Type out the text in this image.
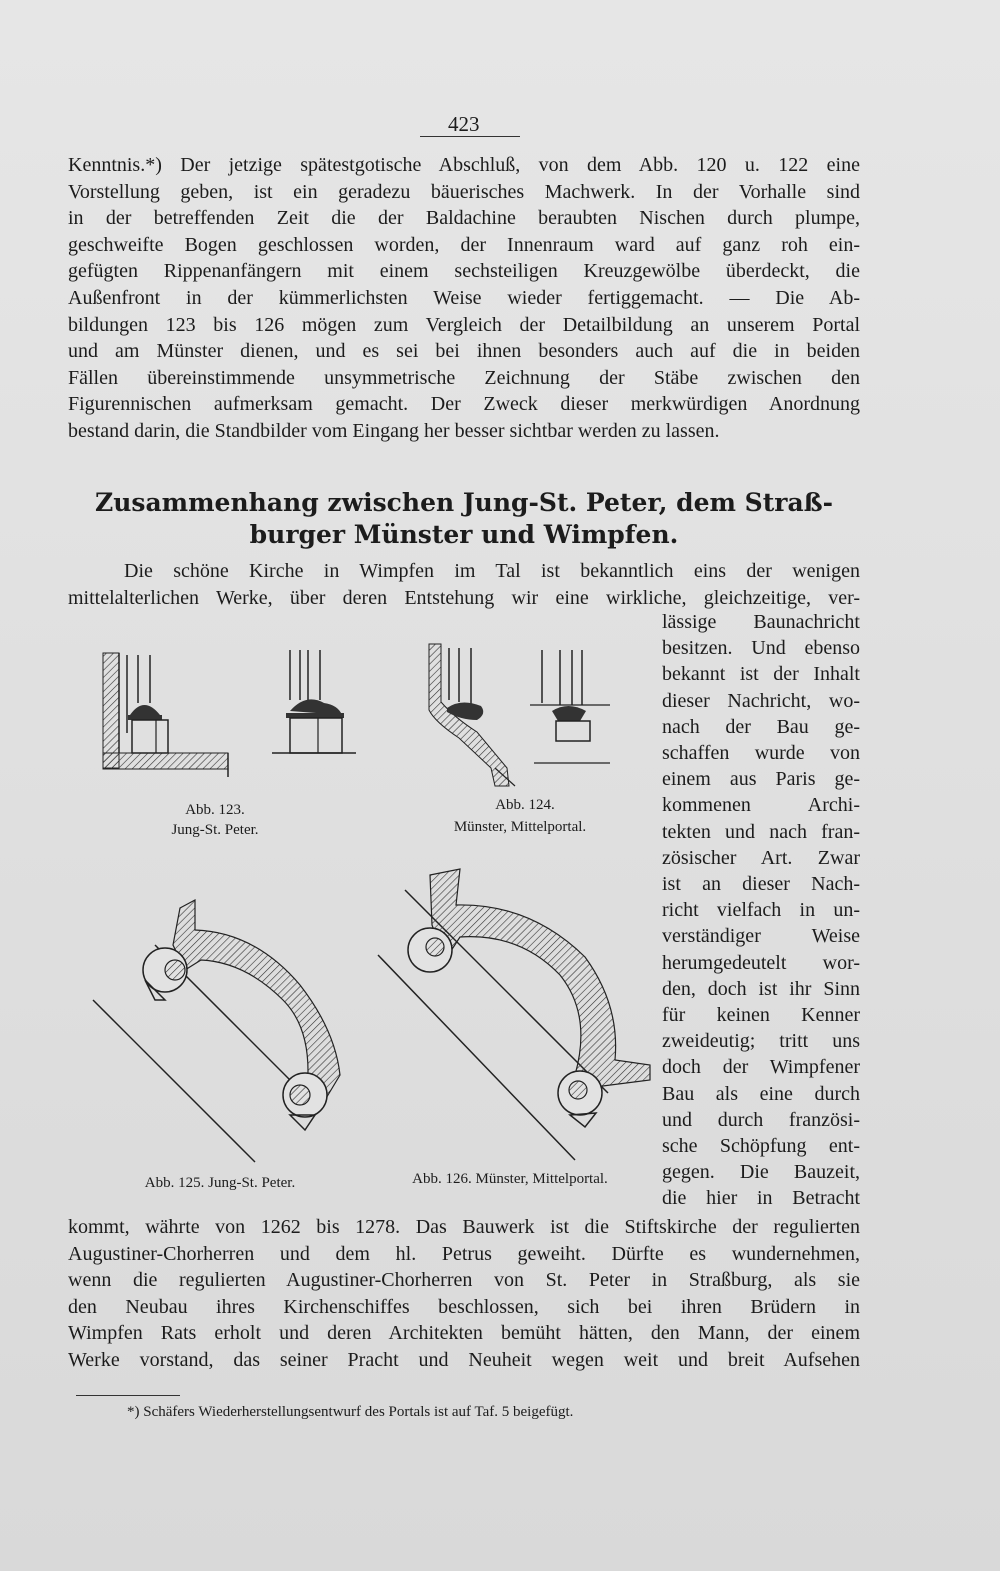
423
Kenntnis.*) Der jetzige spätestgotische Abschluß, von dem Abb. 120 u. 122 eine
Vorstellung geben, ist ein geradezu bäuerisches Machwerk. In der Vorhalle sind
in der betreffenden Zeit die der Baldachine beraubten Nischen durch plumpe,
geschweifte Bogen geschlossen worden, der Innenraum ward auf ganz roh ein-
gefügten Rippenanfängern mit einem sechsteiligen Kreuzgewölbe überdeckt, die
Außenfront in der kümmerlichsten Weise wieder fertiggemacht. — Die Ab-
bildungen 123 bis 126 mögen zum Vergleich der Detailbildung an unserem Portal
und am Münster dienen, und es sei bei ihnen besonders auch auf die in beiden
Fällen übereinstimmende unsymmetrische Zeichnung der Stäbe zwischen den
Figurennischen aufmerksam gemacht. Der Zweck dieser merkwürdigen Anordnung
bestand darin, die Standbilder vom Eingang her besser sichtbar werden zu lassen.
Zusammenhang zwischen Jung-St. Peter, dem Straß-
burger Münster und Wimpfen.
Die schöne Kirche in Wimpfen im Tal ist bekanntlich eins der wenigen
mittelalterlichen Werke, über deren Entstehung wir eine wirkliche, gleichzeitige, ver-
lässige Baunachricht
besitzen. Und ebenso
bekannt ist der Inhalt
dieser Nachricht, wo-
nach der Bau ge-
schaffen wurde von
einem aus Paris ge-
kommenen Archi-
tekten und nach fran-
zösischer Art. Zwar
ist an dieser Nach-
richt vielfach in un-
verständiger Weise
herumgedeutelt wor-
den, doch ist ihr Sinn
für keinen Kenner
zweideutig; tritt uns
doch der Wimpfener
Bau als eine durch
und durch französi-
sche Schöpfung ent-
gegen. Die Bauzeit,
die hier in Betracht
Abb. 123.
Jung-St. Peter.
Abb. 124.
Münster, Mittelportal.
Abb. 125. Jung-St. Peter.	Abb. 126. Münster, Mittelportal.
kommt, währte von 1262 bis 1278. Das Bauwerk ist die Stiftskirche der regulierten
Augustiner-Chorherren und dem hl. Petrus geweiht. Dürfte es wundernehmen,
wenn die regulierten Augustiner-Chorherren von St. Peter in Straßburg, als sie
den Neubau ihres Kirchenschiffes beschlossen, sich bei ihren Brüdern in
Wimpfen Rats erholt und deren Architekten bemüht hätten, den Mann, der einem
Werke vorstand, das seiner Pracht und Neuheit wegen weit und breit Aufsehen
*) Schäfers Wiederherstellungsentwurf des Portals ist auf Taf. 5 beigefügt.
